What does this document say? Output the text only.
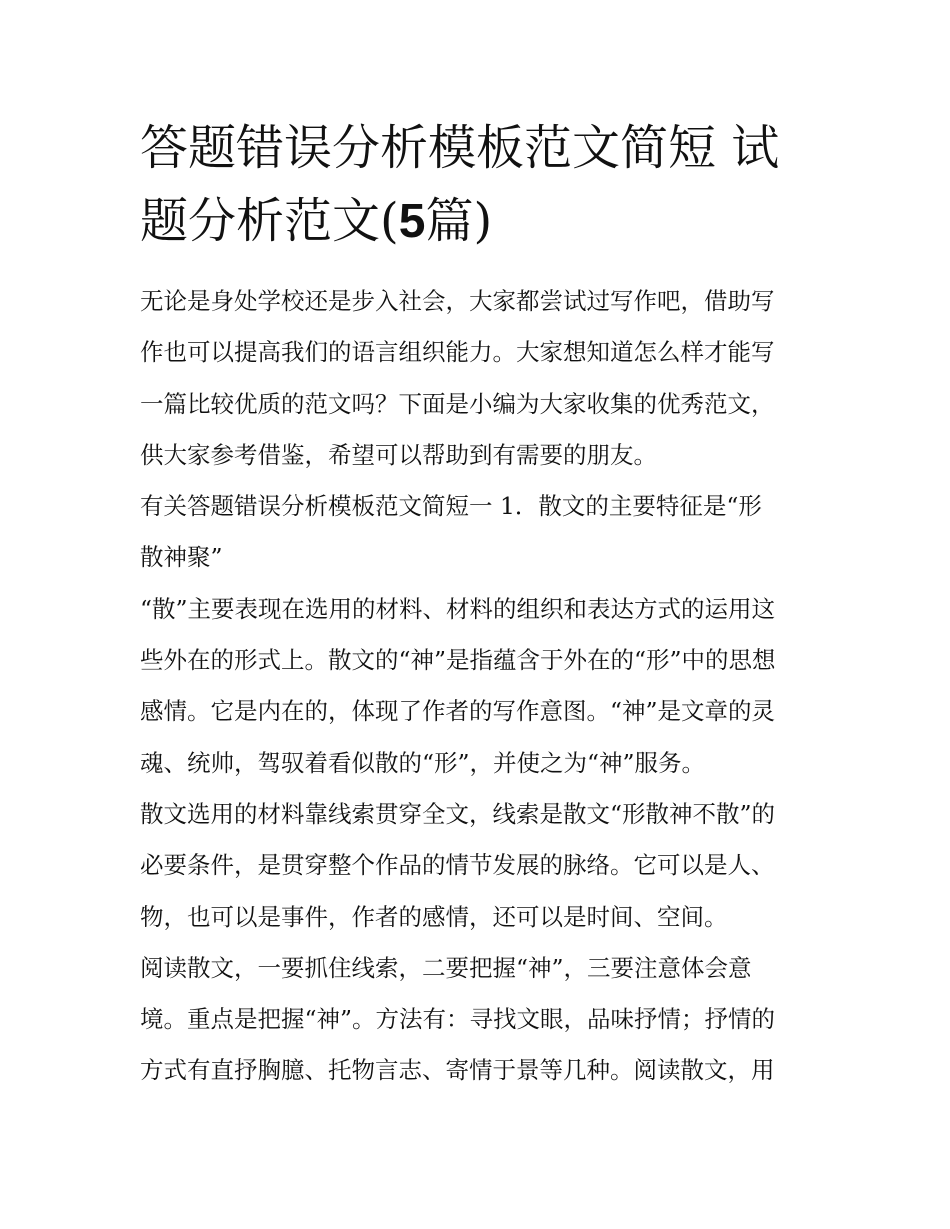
答题错误分析模板范文简短 试
题分析范文(5篇)

无论是身处学校还是步入社会，大家都尝试过写作吧，借助写
作也可以提高我们的语言组织能力。大家想知道怎么样才能写
一篇比较优质的范文吗？下面是小编为大家收集的优秀范文，
供大家参考借鉴，希望可以帮助到有需要的朋友。

有关答题错误分析模板范文简短一 1．散文的主要特征是“形
散神聚”

“散”主要表现在选用的材料、材料的组织和表达方式的运用这
些外在的形式上。散文的“神”是指蕴含于外在的“形”中的思想
感情。它是内在的，体现了作者的写作意图。“神”是文章的灵
魂、统帅，驾驭着看似散的“形”，并使之为“神”服务。

散文选用的材料靠线索贯穿全文，线索是散文“形散神不散”的
必要条件，是贯穿整个作品的情节发展的脉络。它可以是人、
物，也可以是事件，作者的感情，还可以是时间、空间。

阅读散文，一要抓住线索，二要把握“神”，三要注意体会意
境。重点是把握“神”。方法有：寻找文眼，品味抒情；抒情的
方式有直抒胸臆、托物言志、寄情于景等几种。阅读散文，用
